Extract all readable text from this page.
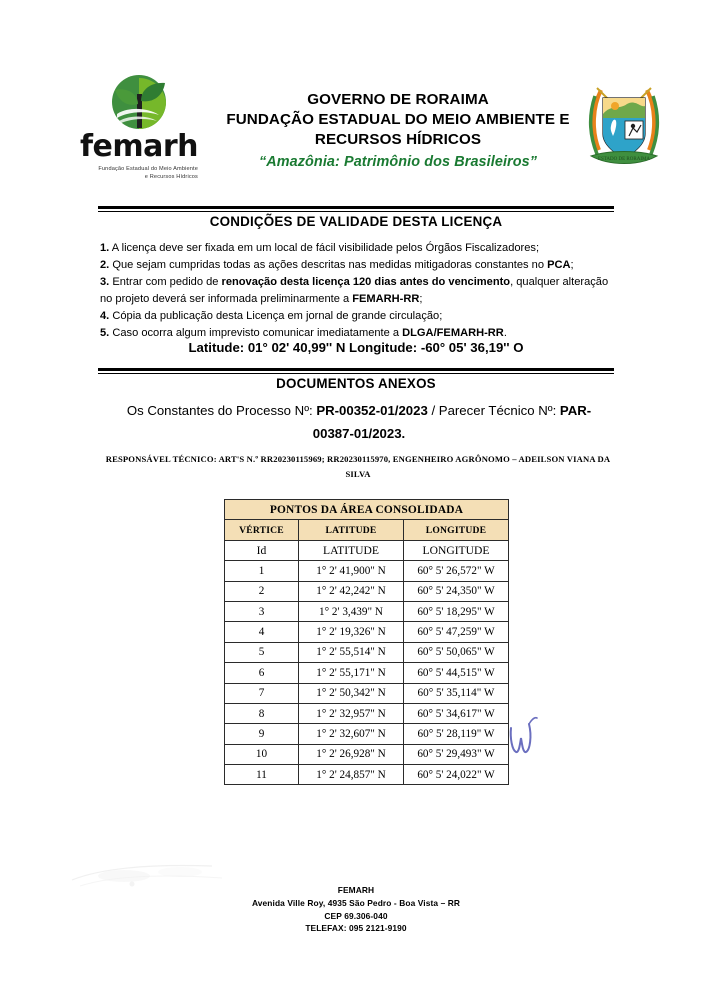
femarh
Fundação Estadual do Meio Ambiente
e Recursos Hídricos
GOVERNO DE RORAIMA
FUNDAÇÃO ESTADUAL DO MEIO AMBIENTE E
RECURSOS HÍDRICOS
“Amazônia: Patrimônio dos Brasileiros”	ESTADO DE RORAIMA
CONDIÇÕES DE VALIDADE DESTA LICENÇA

1. A licença deve ser fixada em um local de fácil visibilidade pelos Órgãos Fiscalizadores;

2. Que sejam cumpridas todas as ações descritas nas medidas mitigadoras constantes no PCA;

3. Entrar com pedido de renovação desta licença 120 dias antes do vencimento, qualquer alteração no projeto deverá ser informada preliminarmente a FEMARH-RR;

4. Cópia da publicação desta Licença em jornal de grande circulação;

5. Caso ocorra algum imprevisto comunicar imediatamente a DLGA/FEMARH-RR.

Latitude: 01° 02' 40,99'' N Longitude: -60° 05' 36,19'' O
DOCUMENTOS ANEXOS
Os Constantes do Processo Nº: PR-00352-01/2023 / Parecer Técnico Nº: PAR-00387-01/2023.
RESPONSÁVEL TÉCNICO: ART'S N.º RR20230115969; RR20230115970, ENGENHEIRO AGRÔNOMO – ADEILSON VIANA DA SILVA
PONTOS DA ÁREA CONSOLIDADA		
VÉRTICE	LATITUDE	LONGITUDE
Id	LATITUDE	LONGITUDE
1	1° 2' 41,900" N	60° 5' 26,572" W
2	1° 2' 42,242" N	60° 5' 24,350" W
3	1° 2' 3,439" N	60° 5' 18,295" W
4	1° 2' 19,326" N	60° 5' 47,259" W
5	1° 2' 55,514" N	60° 5' 50,065" W
6	1° 2' 55,171" N	60° 5' 44,515" W
7	1° 2' 50,342" N	60° 5' 35,114" W
8	1° 2' 32,957" N	60° 5' 34,617" W
9	1° 2' 32,607" N	60° 5' 28,119" W
10	1° 2' 26,928" N	60° 5' 29,493" W
11	1° 2' 24,857" N	60° 5' 24,022" W
FEMARH
Avenida Ville Roy, 4935 São Pedro - Boa Vista – RR
CEP 69.306-040
TELEFAX: 095 2121-9190
